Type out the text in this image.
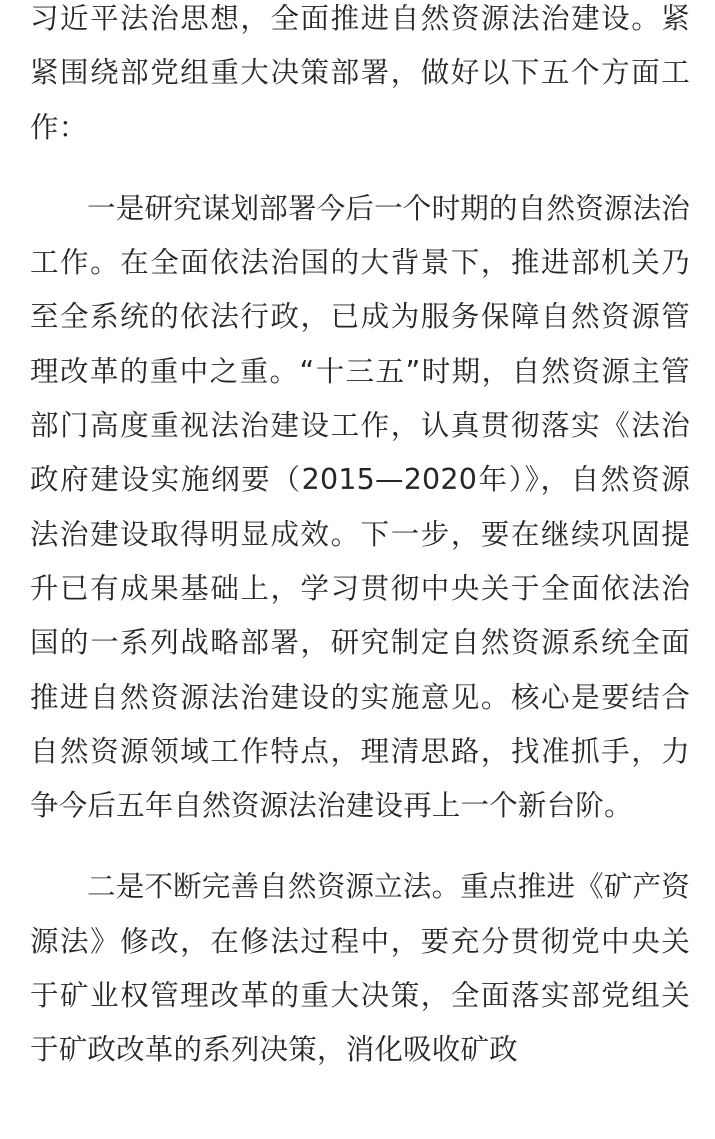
习近平法治思想，全面推进自然资源法治建设。紧紧围绕部党组重大决策部署，做好以下五个方面工作：

一是研究谋划部署今后一个时期的自然资源法治工作。在全面依法治国的大背景下，推进部机关乃至全系统的依法行政，已成为服务保障自然资源管理改革的重中之重。“十三五”时期，自然资源主管部门高度重视法治建设工作，认真贯彻落实《法治政府建设实施纲要（2015—2020年）》，自然资源法治建设取得明显成效。下一步，要在继续巩固提升已有成果基础上，学习贯彻中央关于全面依法治国的一系列战略部署，研究制定自然资源系统全面推进自然资源法治建设的实施意见。核心是要结合自然资源领域工作特点，理清思路，找准抓手，力争今后五年自然资源法治建设再上一个新台阶。

二是不断完善自然资源立法。重点推进《矿产资源法》修改，在修法过程中，要充分贯彻党中央关于矿业权管理改革的重大决策，全面落实部党组关于矿政改革的系列决策，消化吸收矿政
